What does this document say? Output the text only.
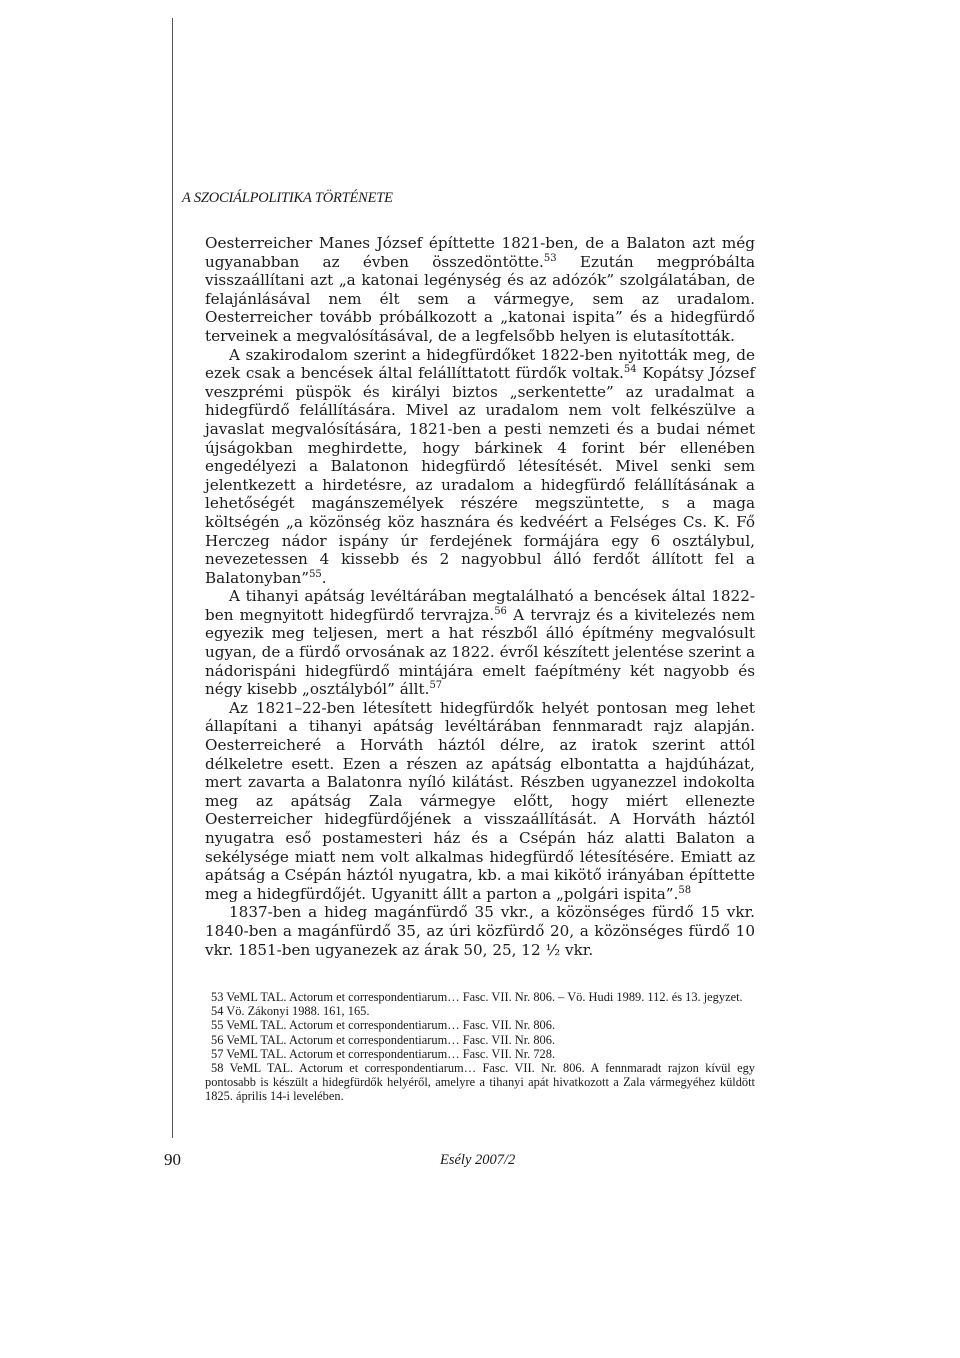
A SZOCIÁLPOLITIKA TÖRTÉNETE

Oesterreicher Manes József építtette 1821-ben, de a Balaton azt még ugyanabban az évben összedöntötte.$^{53}$ Ezután megpróbálta visszaállítani azt „a katonai legénység és az adózók” szolgálatában, de felajánlásával nem élt sem a vármegye, sem az uradalom. Oesterreicher tovább próbálkozott a „katonai ispita” és a hidegfürdő terveinek a megvalósításával, de a legfelsőbb helyen is elutasították.

A szakirodalom szerint a hidegfürdőket 1822-ben nyitották meg, de ezek csak a bencések által felállíttatott fürdők voltak.$^{54}$ Kopátsy József veszprémi püspök és királyi biztos „serkentette” az uradalmat a hidegfürdő felállítására. Mivel az uradalom nem volt felkészülve a javaslat megvalósítására, 1821-ben a pesti nemzeti és a budai német újságokban meghirdette, hogy bárkinek 4 forint bér ellenében engedélyezi a Balatonon hidegfürdő létesítését. Mivel senki sem jelentkezett a hirdetésre, az uradalom a hidegfürdő felállításának a lehetőségét magánszemélyek részére megszüntette, s a maga költségén „a közönség köz hasznára és kedvéért a Felséges Cs. K. Fő Herczeg nádor ispány úr ferdejének formájára egy 6 osztálybul, nevezetessen 4 kissebb és 2 nagyobbul álló ferdőt állított fel a Balatonyban”$^{55}$.

A tihanyi apátság levéltárában megtalálható a bencések által 1822-ben megnyitott hidegfürdő tervrajza.$^{56}$ A tervrajz és a kivitelezés nem egyezik meg teljesen, mert a hat részből álló építmény megvalósult ugyan, de a fürdő orvosának az 1822. évről készített jelentése szerint a nádorispáni hidegfürdő mintájára emelt faépítmény két nagyobb és négy kisebb „osztályból” állt.$^{57}$

Az 1821–22-ben létesített hidegfürdők helyét pontosan meg lehet állapítani a tihanyi apátság levéltárában fennmaradt rajz alapján. Oesterreicheré a Horváth háztól délre, az iratok szerint attól délkeletre esett. Ezen a részen az apátság elbontatta a hajdúházat, mert zavarta a Balatonra nyíló kilátást. Részben ugyanezzel indokolta meg az apátság Zala vármegye előtt, hogy miért ellenezte Oesterreicher hidegfürdőjének a visszaállítását. A Horváth háztól nyugatra eső postamesteri ház és a Csépán ház alatti Balaton a sekélysége miatt nem volt alkalmas hidegfürdő létesítésére. Emiatt az apátság a Csépán háztól nyugatra, kb. a mai kikötő irányában építtette meg a hidegfürdőjét. Ugyanitt állt a parton a „polgári ispita”.$^{58}$

1837-ben a hideg magánfürdő 35 vkr., a közönséges fürdő 15 vkr. 1840-ben a magánfürdő 35, az úri közfürdő 20, a közönséges fürdő 10 vkr. 1851-ben ugyanezek az árak 50, 25, 12 ½ vkr.

53 VeML TAL. Actorum et correspondentiarum… Fasc. VII. Nr. 806. – Vö. Hudi 1989. 112. és 13. jegyzet.

54 Vö. Zákonyi 1988. 161, 165.

55 VeML TAL. Actorum et correspondentiarum… Fasc. VII. Nr. 806.

56 VeML TAL. Actorum et correspondentiarum… Fasc. VII. Nr. 806.

57 VeML TAL. Actorum et correspondentiarum… Fasc. VII. Nr. 728.

58 VeML TAL. Actorum et correspondentiarum… Fasc. VII. Nr. 806. A fennmaradt rajzon kívül egy pontosabb is készült a hidegfürdők helyéről, amelyre a tihanyi apát hivatkozott a Zala vármegyéhez küldött 1825. április 14-i levelében.

90	Esély 2007/2
